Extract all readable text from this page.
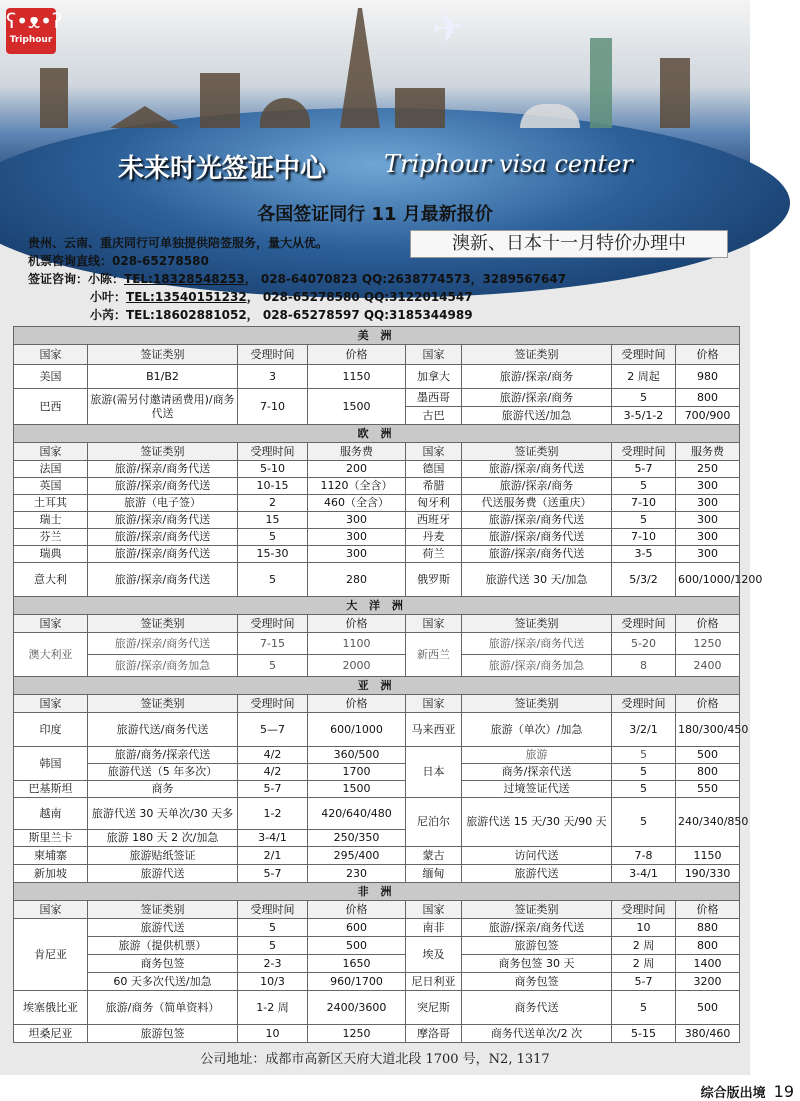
✈
ʕ•ᴥ•ʔ
Triphour
未来时光签证中心 Triphour visa center
各国签证同行 11 月最新报价
贵州、云南、重庆同行可单独提供陪签服务，量大从优。
机票咨询直线：028-65278580
签证咨询：小陈：TEL:18328548253， 028-64070823 QQ:2638774573，3289567647
小叶：TEL:13540151232， 028-65278580 QQ:3122014547
小芮：TEL:18602881052， 028-65278597 QQ:3185344989
澳新、日本十一月特价办理中
美 洲							
国家	签证类别	受理时间	价格	国家	签证类别	受理时间	价格
美国	B1/B2	3	1150	加拿大	旅游/探亲/商务	2 周起	980
巴西	旅游(需另付邀请函费用)/商务代送	7-10	1500	墨西哥	旅游/探亲/商务	5	800
				古巴	旅游代送/加急	3-5/1-2	700/900
欧 洲							
国家	签证类别	受理时间	服务费	国家	签证类别	受理时间	服务费
法国	旅游/探亲/商务代送	5-10	200	德国	旅游/探亲/商务代送	5-7	250
英国	旅游/探亲/商务代送	10-15	1120（全含）	希腊	旅游/探亲/商务	5	300
土耳其	旅游（电子签）	2	460（全含）	匈牙利	代送服务费（送重庆）	7-10	300
瑞士	旅游/探亲/商务代送	15	300	西班牙	旅游/探亲/商务代送	5	300
芬兰	旅游/探亲/商务代送	5	300	丹麦	旅游/探亲/商务代送	7-10	300
瑞典	旅游/探亲/商务代送	15-30	300	荷兰	旅游/探亲/商务代送	3-5	300
意大利	旅游/探亲/商务代送	5	280	俄罗斯	旅游代送 30 天/加急	5/3/2	600/1000/1200
大 洋 洲							
国家	签证类别	受理时间	价格	国家	签证类别	受理时间	价格
澳大利亚	旅游/探亲/商务代送	7-15	1100	新西兰	旅游/探亲/商务代送	5-20	1250
	旅游/探亲/商务加急	5	2000		旅游/探亲/商务加急	8	2400
亚 洲							
国家	签证类别	受理时间	价格	国家	签证类别	受理时间	价格
印度	旅游代送/商务代送	5—7	600/1000	马来西亚	旅游（单次）/加急	3/2/1	180/300/450
韩国	旅游/商务/探亲代送	4/2	360/500	日本	旅游	5	500
	旅游代送（5 年多次）	4/2	1700		商务/探亲代送	5	800
巴基斯坦	商务	5-7	1500		过境签证代送	5	550
越南	旅游代送 30 天单次/30 天多	1-2	420/640/480	尼泊尔	旅游代送 15 天/30 天/90 天	5	240/340/850
斯里兰卡	旅游 180 天 2 次/加急	3-4/1	250/350				
柬埔寨	旅游贴纸签证	2/1	295/400	蒙古	访问代送	7-8	1150
新加坡	旅游代送	5-7	230	缅甸	旅游代送	3-4/1	190/330
非 洲							
国家	签证类别	受理时间	价格	国家	签证类别	受理时间	价格
肯尼亚	旅游代送	5	600	南非	旅游/探亲/商务代送	10	880
	旅游（提供机票）	5	500	埃及	旅游包签	2 周	800
	商务包签	2-3	1650		商务包签 30 天	2 周	1400
	60 天多次代送/加急	10/3	960/1700	尼日利亚	商务包签	5-7	3200
埃塞俄比亚	旅游/商务（简单资料）	1-2 周	2400/3600	突尼斯	商务代送	5	500
坦桑尼亚	旅游包签	10	1250	摩洛哥	商务代送单次/2 次	5-15	380/460
公司地址：成都市高新区天府大道北段 1700 号，N2, 1317
综合版出境 19
